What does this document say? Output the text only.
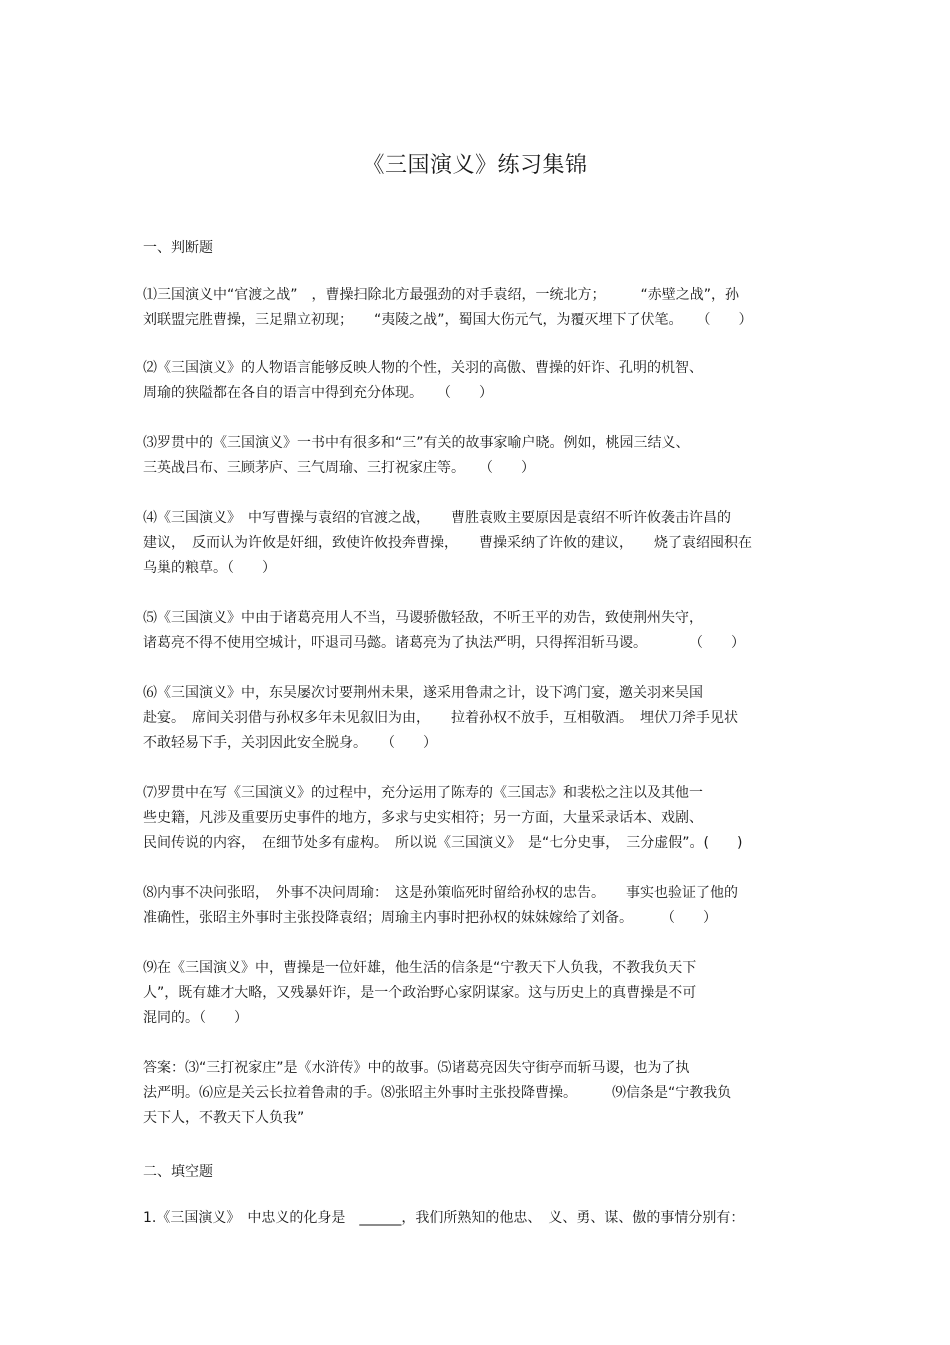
《三国演义》练习集锦
一、判断题
⑴三国演义中“官渡之战”　，曹操扫除北方最强劲的对手袁绍，一统北方；　　　“赤壁之战”，孙
刘联盟完胜曹操，三足鼎立初现；　　“夷陵之战”，蜀国大伤元气，为覆灭埋下了伏笔。　　（　　）
⑵《三国演义》的人物语言能够反映人物的个性，关羽的高傲、曹操的奸诈、孔明的机智、
周瑜的狭隘都在各自的语言中得到充分体现。　　（　　）
⑶罗贯中的《三国演义》一书中有很多和“三”有关的故事家喻户晓。例如，桃园三结义、
三英战吕布、三顾茅庐、三气周瑜、三打祝家庄等。　　（　　）
⑷《三国演义》　中写曹操与袁绍的官渡之战，　　曹胜袁败主要原因是袁绍不听许攸袭击许昌的
建议，　反而认为许攸是奸细，致使许攸投奔曹操，　　曹操采纳了许攸的建议，　　烧了袁绍囤积在
乌巢的粮草。（　　）
⑸《三国演义》中由于诸葛亮用人不当，马谡骄傲轻敌，不听王平的劝告，致使荆州失守，
诸葛亮不得不使用空城计，吓退司马懿。诸葛亮为了执法严明，只得挥泪斩马谡。　　　　（　　）
⑹《三国演义》中，东吴屡次讨要荆州未果，遂采用鲁肃之计，设下鸿门宴，邀关羽来吴国
赴宴。　席间关羽借与孙权多年未见叙旧为由，　　拉着孙权不放手，互相敬酒。　埋伏刀斧手见状
不敢轻易下手，关羽因此安全脱身。　　（　　）
⑺罗贯中在写《三国演义》的过程中，充分运用了陈寿的《三国志》和裴松之注以及其他一
些史籍，凡涉及重要历史事件的地方，多求与史实相符；另一方面，大量采录话本、戏剧、
民间传说的内容，　在细节处多有虚构。　所以说《三国演义》　是“七分史事，　三分虚假”。(　　)
⑻内事不决问张昭，　外事不决问周瑜：　这是孙策临死时留给孙权的忠告。　　事实也验证了他的
准确性，张昭主外事时主张投降袁绍；周瑜主内事时把孙权的妹妹嫁给了刘备。　　　（　　）
⑼在《三国演义》中，曹操是一位奸雄，他生活的信条是“宁教天下人负我，不教我负天下
人”，既有雄才大略，又残暴奸诈，是一个政治野心家阴谋家。这与历史上的真曹操是不可
混同的。（　　）
答案：⑶“三打祝家庄”是《水浒传》中的故事。⑸诸葛亮因失守街亭而斩马谡，也为了执
法严明。⑹应是关云长拉着鲁肃的手。⑻张昭主外事时主张投降曹操。　　　⑼信条是“宁教我负
天下人，不教天下人负我”
二、填空题
1.《三国演义》　中忠义的化身是　______，我们所熟知的他忠、　义、勇、谋、傲的事情分别有：
